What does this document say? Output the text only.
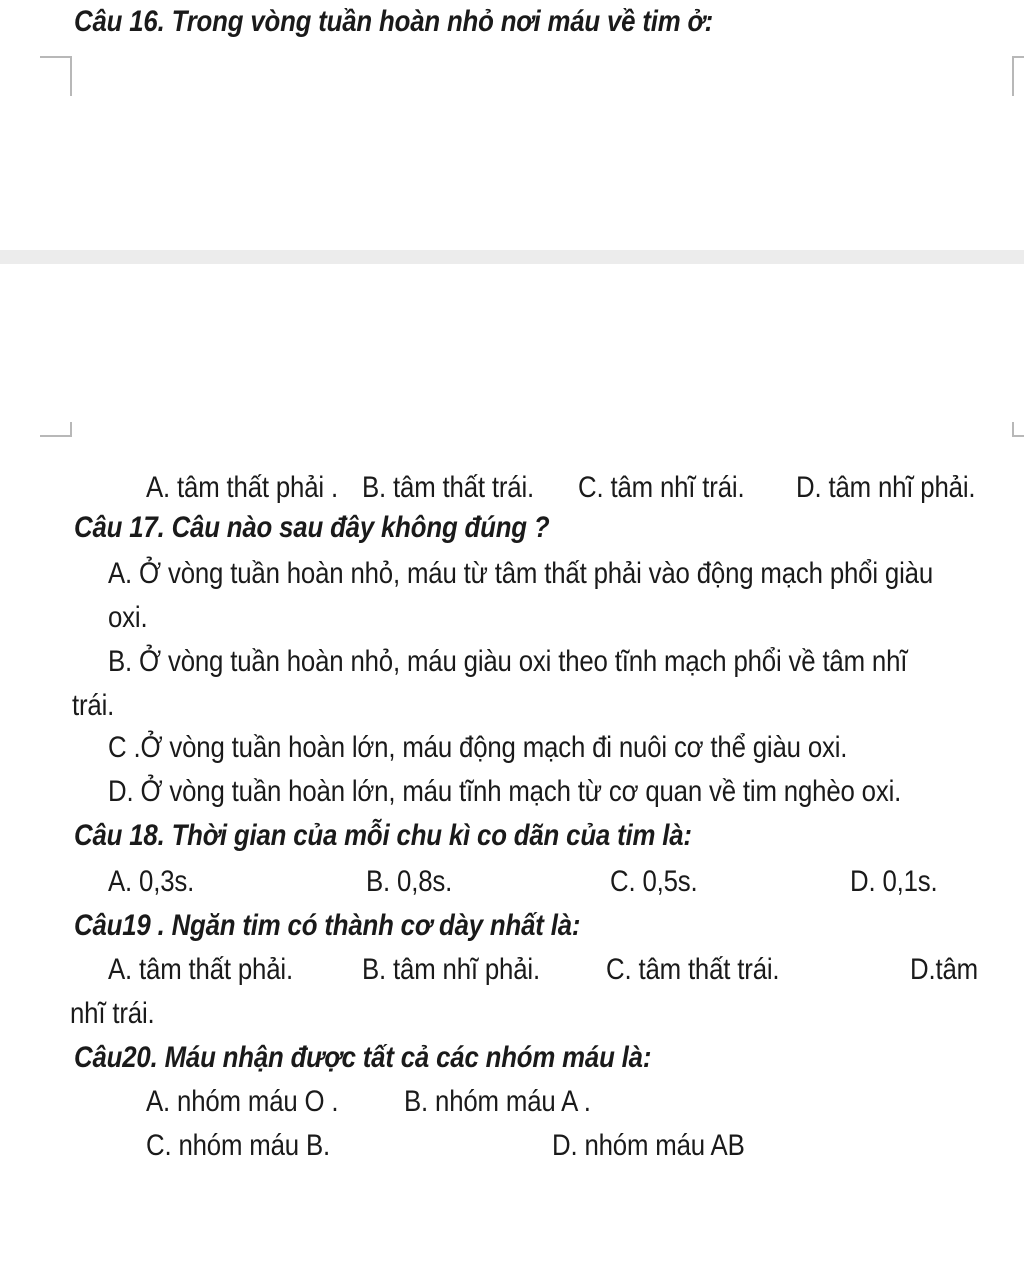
Câu 16. Trong vòng tuần hoàn nhỏ nơi máu về tim ở:
A. tâm thất phải . B. tâm thất trái. C. tâm nhĩ trái. D. tâm nhĩ phải.
Câu 17. Câu nào sau đây không đúng ?
A. Ở vòng tuần hoàn nhỏ, máu từ tâm thất phải vào động mạch phổi giàu
oxi.
B. Ở vòng tuần hoàn nhỏ, máu giàu oxi theo tĩnh mạch phổi về tâm nhĩ
trái.
C .Ở vòng tuần hoàn lớn, máu động mạch đi nuôi cơ thể giàu oxi.
D. Ở vòng tuần hoàn lớn, máu tĩnh mạch từ cơ quan về tim nghèo oxi.
Câu 18. Thời gian của mỗi chu kì co dãn của tim là:
A. 0,3s.	B. 0,8s.	C. 0,5s.	D. 0,1s.
Câu19 . Ngăn tim có thành cơ dày nhất là:
A. tâm thất phải. B. tâm nhĩ phải. C. tâm thất trái.	D.tâm
nhĩ trái.
Câu20. Máu nhận được tất cả các nhóm máu là:
A. nhóm máu O . B. nhóm máu A .
C. nhóm máu B.	D. nhóm máu AB
